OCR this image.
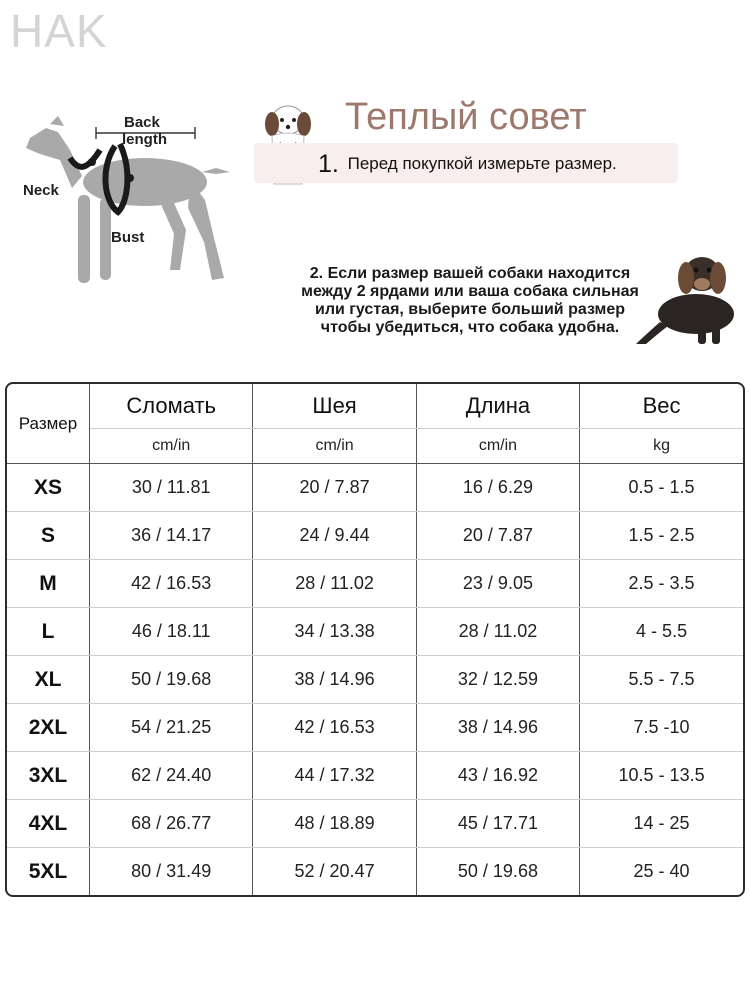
HAK
Back
length
Neck
Bust
Теплый совет
1. Перед покупкой измерьте размер.
2. Если размер вашей собаки находится
между 2 ярдами или ваша собака сильная
или густая, выберите больший размер
чтобы убедиться, что собака удобна.
Размер	Сломать	Шея	Длина	Вес
	cm/in	cm/in	cm/in	kg
XS	30 / 11.81	20 / 7.87	16 / 6.29	0.5 - 1.5
S	36 / 14.17	24 / 9.44	20 / 7.87	1.5 - 2.5
M	42 / 16.53	28 / 11.02	23 / 9.05	2.5 - 3.5
L	46 / 18.11	34 / 13.38	28 / 11.02	4 - 5.5
XL	50 / 19.68	38 / 14.96	32 / 12.59	5.5 - 7.5
2XL	54 / 21.25	42 / 16.53	38 / 14.96	7.5 -10
3XL	62 / 24.40	44 / 17.32	43 / 16.92	10.5 - 13.5
4XL	68 / 26.77	48 / 18.89	45 / 17.71	14 - 25
5XL	80 / 31.49	52 / 20.47	50 / 19.68	25 - 40
